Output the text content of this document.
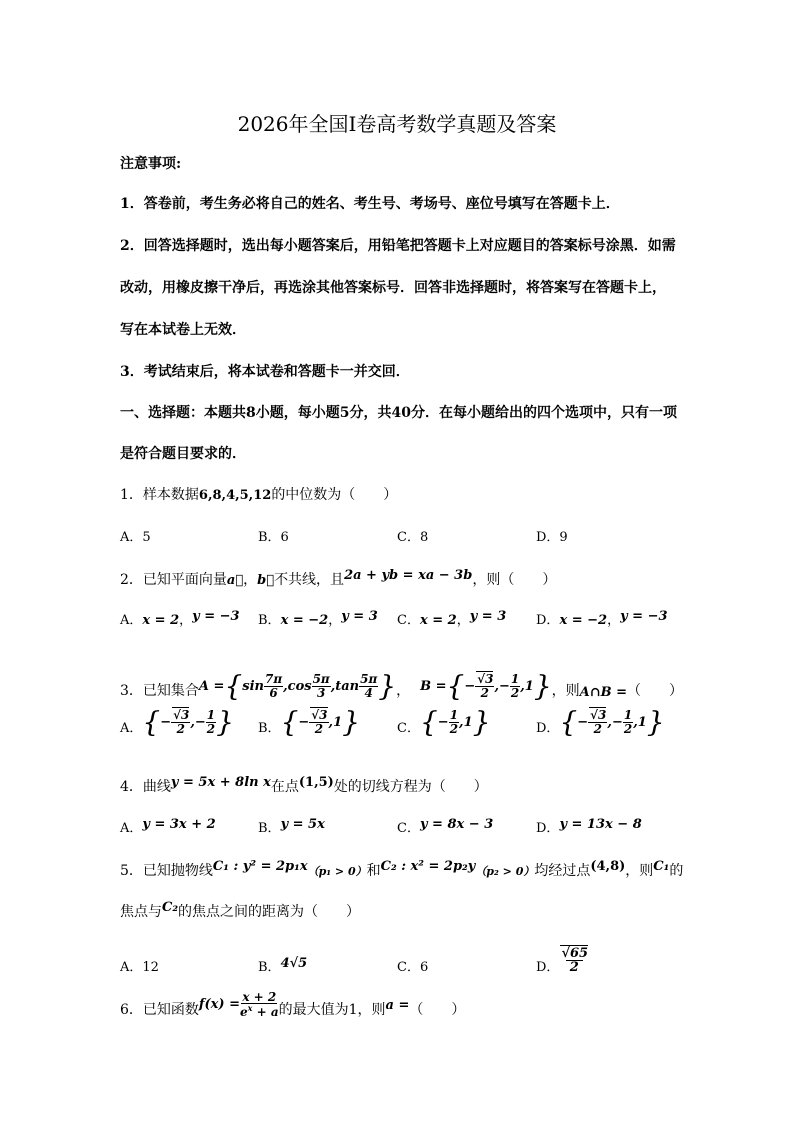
2026年全国Ⅰ卷高考数学真题及答案
注意事项:
1．答卷前，考生务必将自己的姓名、考生号、考场号、座位号填写在答题卡上．
2．回答选择题时，选出每小题答案后，用铅笔把答题卡上对应题目的答案标号涂黑．如需
改动，用橡皮擦干净后，再选涂其他答案标号．回答非选择题时，将答案写在答题卡上，
写在本试卷上无效．
3．考试结束后，将本试卷和答题卡一并交回．
一、选择题：本题共8小题，每小题5分，共40分．在每小题给出的四个选项中，只有一项
是符合题目要求的．
1．样本数据6,8,4,5,12的中位数为（　　）
A．5	B．6	C．8	D．9
2．已知平面向量a⃗，b⃗不共线，且2a + yb = xa − 3b，则（　　）
A．x = 2，y = −3 B．x = −2，y = 3 C．x = 2，y = 3 D．x = −2，y = −3
3．已知集合$A =\{\sin \frac{7\pi}{6} ,\cos \frac{5\pi}{3} ,\tan \frac{5\pi}{4}$ }， B ={− $\frac{√3}{2}$ ,− $\frac{1}{2} ,1$}，则A∩B =（　　）
A．{− $\frac{√3}{2}$ ,− $\frac{1}{2}$ } B．{− $\frac{√3}{2} ,1$}	C．{− $\frac{1}{2} ,1$}	D．{− $\frac{√3}{2}$ ,− $\frac{1}{2} ,1$}
4．曲线y = 5x + 8ln x在点(1,5)处的切线方程为（　　）
A．y = 3x + 2	B．y = 5x	C．y = 8x − 3	D．y = 13x − 8
5．已知抛物线C₁ : y² = 2p₁x（p₁ > 0）和C₂ : x² = 2p₂y（p₂ > 0）均经过点(4,8)，则C₁的
焦点与C₂的焦点之间的距离为（　　）
A．12	B．4√5	C．6	D． $\frac{√65}{2}$
6．已知函数$f(x) = \frac{x + 2}{e^x + a}$ 的最大值为1，则a =（　　）
